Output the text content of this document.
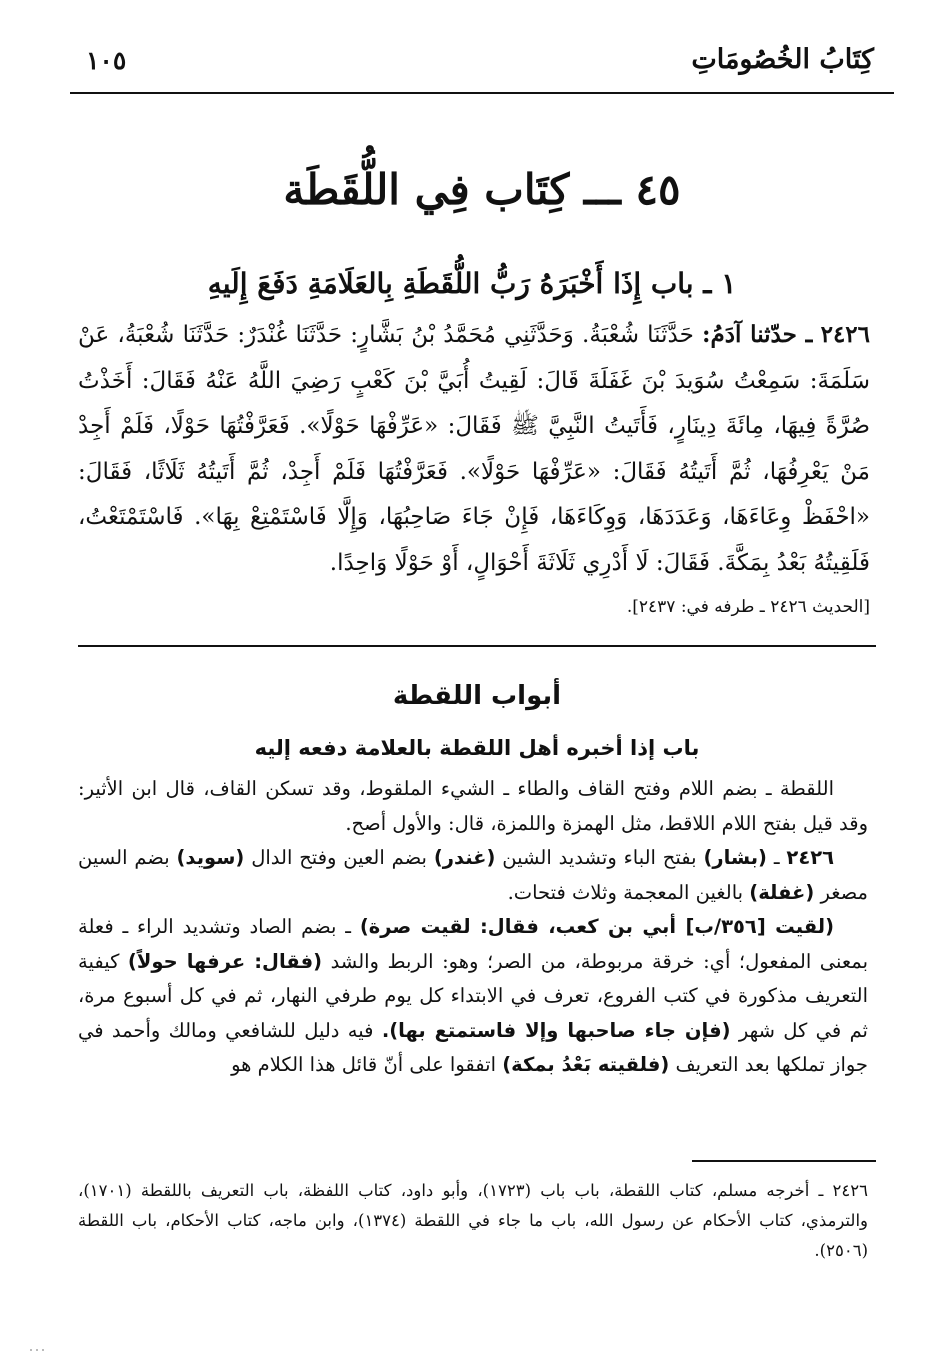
كِتَابُ الخُصُومَاتِ
١٠٥
٤٥ ـــ كِتَاب فِي اللُّقَطَة
١ ـ باب إِذَا أَخْبَرَهُ رَبُّ اللُّقَطَةِ بِالعَلَامَةِ دَفَعَ إِلَيهِ
٢٤٢٦ ـ حدّثنا آدَمُ: حَدَّثَنَا شُعْبَةُ. وَحَدَّثَنِي مُحَمَّدُ بْنُ بَشَّارٍ: حَدَّثَنَا غُنْدَرٌ: حَدَّثَنَا شُعْبَةُ، عَنْ سَلَمَةَ: سَمِعْتُ سُوَيدَ بْنَ غَفَلَةَ قَالَ: لَقِيتُ أُبَيَّ بْنَ كَعْبٍ رَضِيَ اللَّهُ عَنْهُ فَقَالَ: أَخَذْتُ صُرَّةً فِيهَا، مِائَةَ دِينَارٍ، فَأَتَيتُ النَّبِيَّ ﷺ فَقَالَ: «عَرِّفْهَا حَوْلًا». فَعَرَّفْتُهَا حَوْلًا، فَلَمْ أَجِدْ مَنْ يَعْرِفُهَا، ثُمَّ أَتَيتُهُ فَقَالَ: «عَرِّفْهَا حَوْلًا». فَعَرَّفْتُهَا فَلَمْ أَجِدْ، ثُمَّ أَتَيتُهُ ثَلَاثًا، فَقَالَ: «احْفَظْ وِعَاءَهَا، وَعَدَدَهَا، وَوِكَاءَهَا، فَإِنْ جَاءَ صَاحِبُهَا، وَإِلَّا فَاسْتَمْتِعْ بِهَا». فَاسْتَمْتَعْتُ، فَلَقِيتُهُ بَعْدُ بِمَكَّةَ. فَقَالَ: لَا أَدْرِي ثَلَاثَةَ أَحْوَالٍ، أَوْ حَوْلًا وَاحِدًا.
[الحديث ٢٤٢٦ ـ طرفه في: ٢٤٣٧].
أبواب اللقطة
باب إذا أخبره أهل اللقطة بالعلامة دفعه إليه

اللقطة ـ بضم اللام وفتح القاف والطاء ـ الشيء الملقوط، وقد تسكن القاف، قال ابن الأثير: وقد قيل بفتح اللام اللاقط، مثل الهمزة واللمزة، قال: والأول أصح.

٢٤٢٦ ـ (بشار) بفتح الباء وتشديد الشين (غندر) بضم العين وفتح الدال (سويد) بضم السين مصغر (غفلة) بالغين المعجمة وثلاث فتحات.

(لقيت [٣٥٦/ب] أبي بن كعب، فقال: لقيت صرة) ـ بضم الصاد وتشديد الراء ـ فعلة بمعنى المفعول؛ أي: خرقة مربوطة، من الصر؛ وهو: الربط والشد (فقال: عرفها حولاً) كيفية التعريف مذكورة في كتب الفروع، تعرف في الابتداء كل يوم طرفي النهار، ثم في كل أسبوع مرة، ثم في كل شهر (فإن جاء صاحبها وإلا فاستمتع بها). فيه دليل للشافعي ومالك وأحمد في جواز تملكها بعد التعريف (فلقيته بَعْدُ بمكة) اتفقوا على أنّ قائل هذا الكلام هو

٢٤٢٦ ـ أخرجه مسلم، كتاب اللقطة، باب باب (١٧٢٣)، وأبو داود، كتاب اللفظة، باب التعريف باللقطة (١٧٠١)، والترمذي، كتاب الأحكام عن رسول الله، باب ما جاء في اللقطة (١٣٧٤)، وابن ماجه، كتاب الأحكام، باب اللقطة (٢٥٠٦).
